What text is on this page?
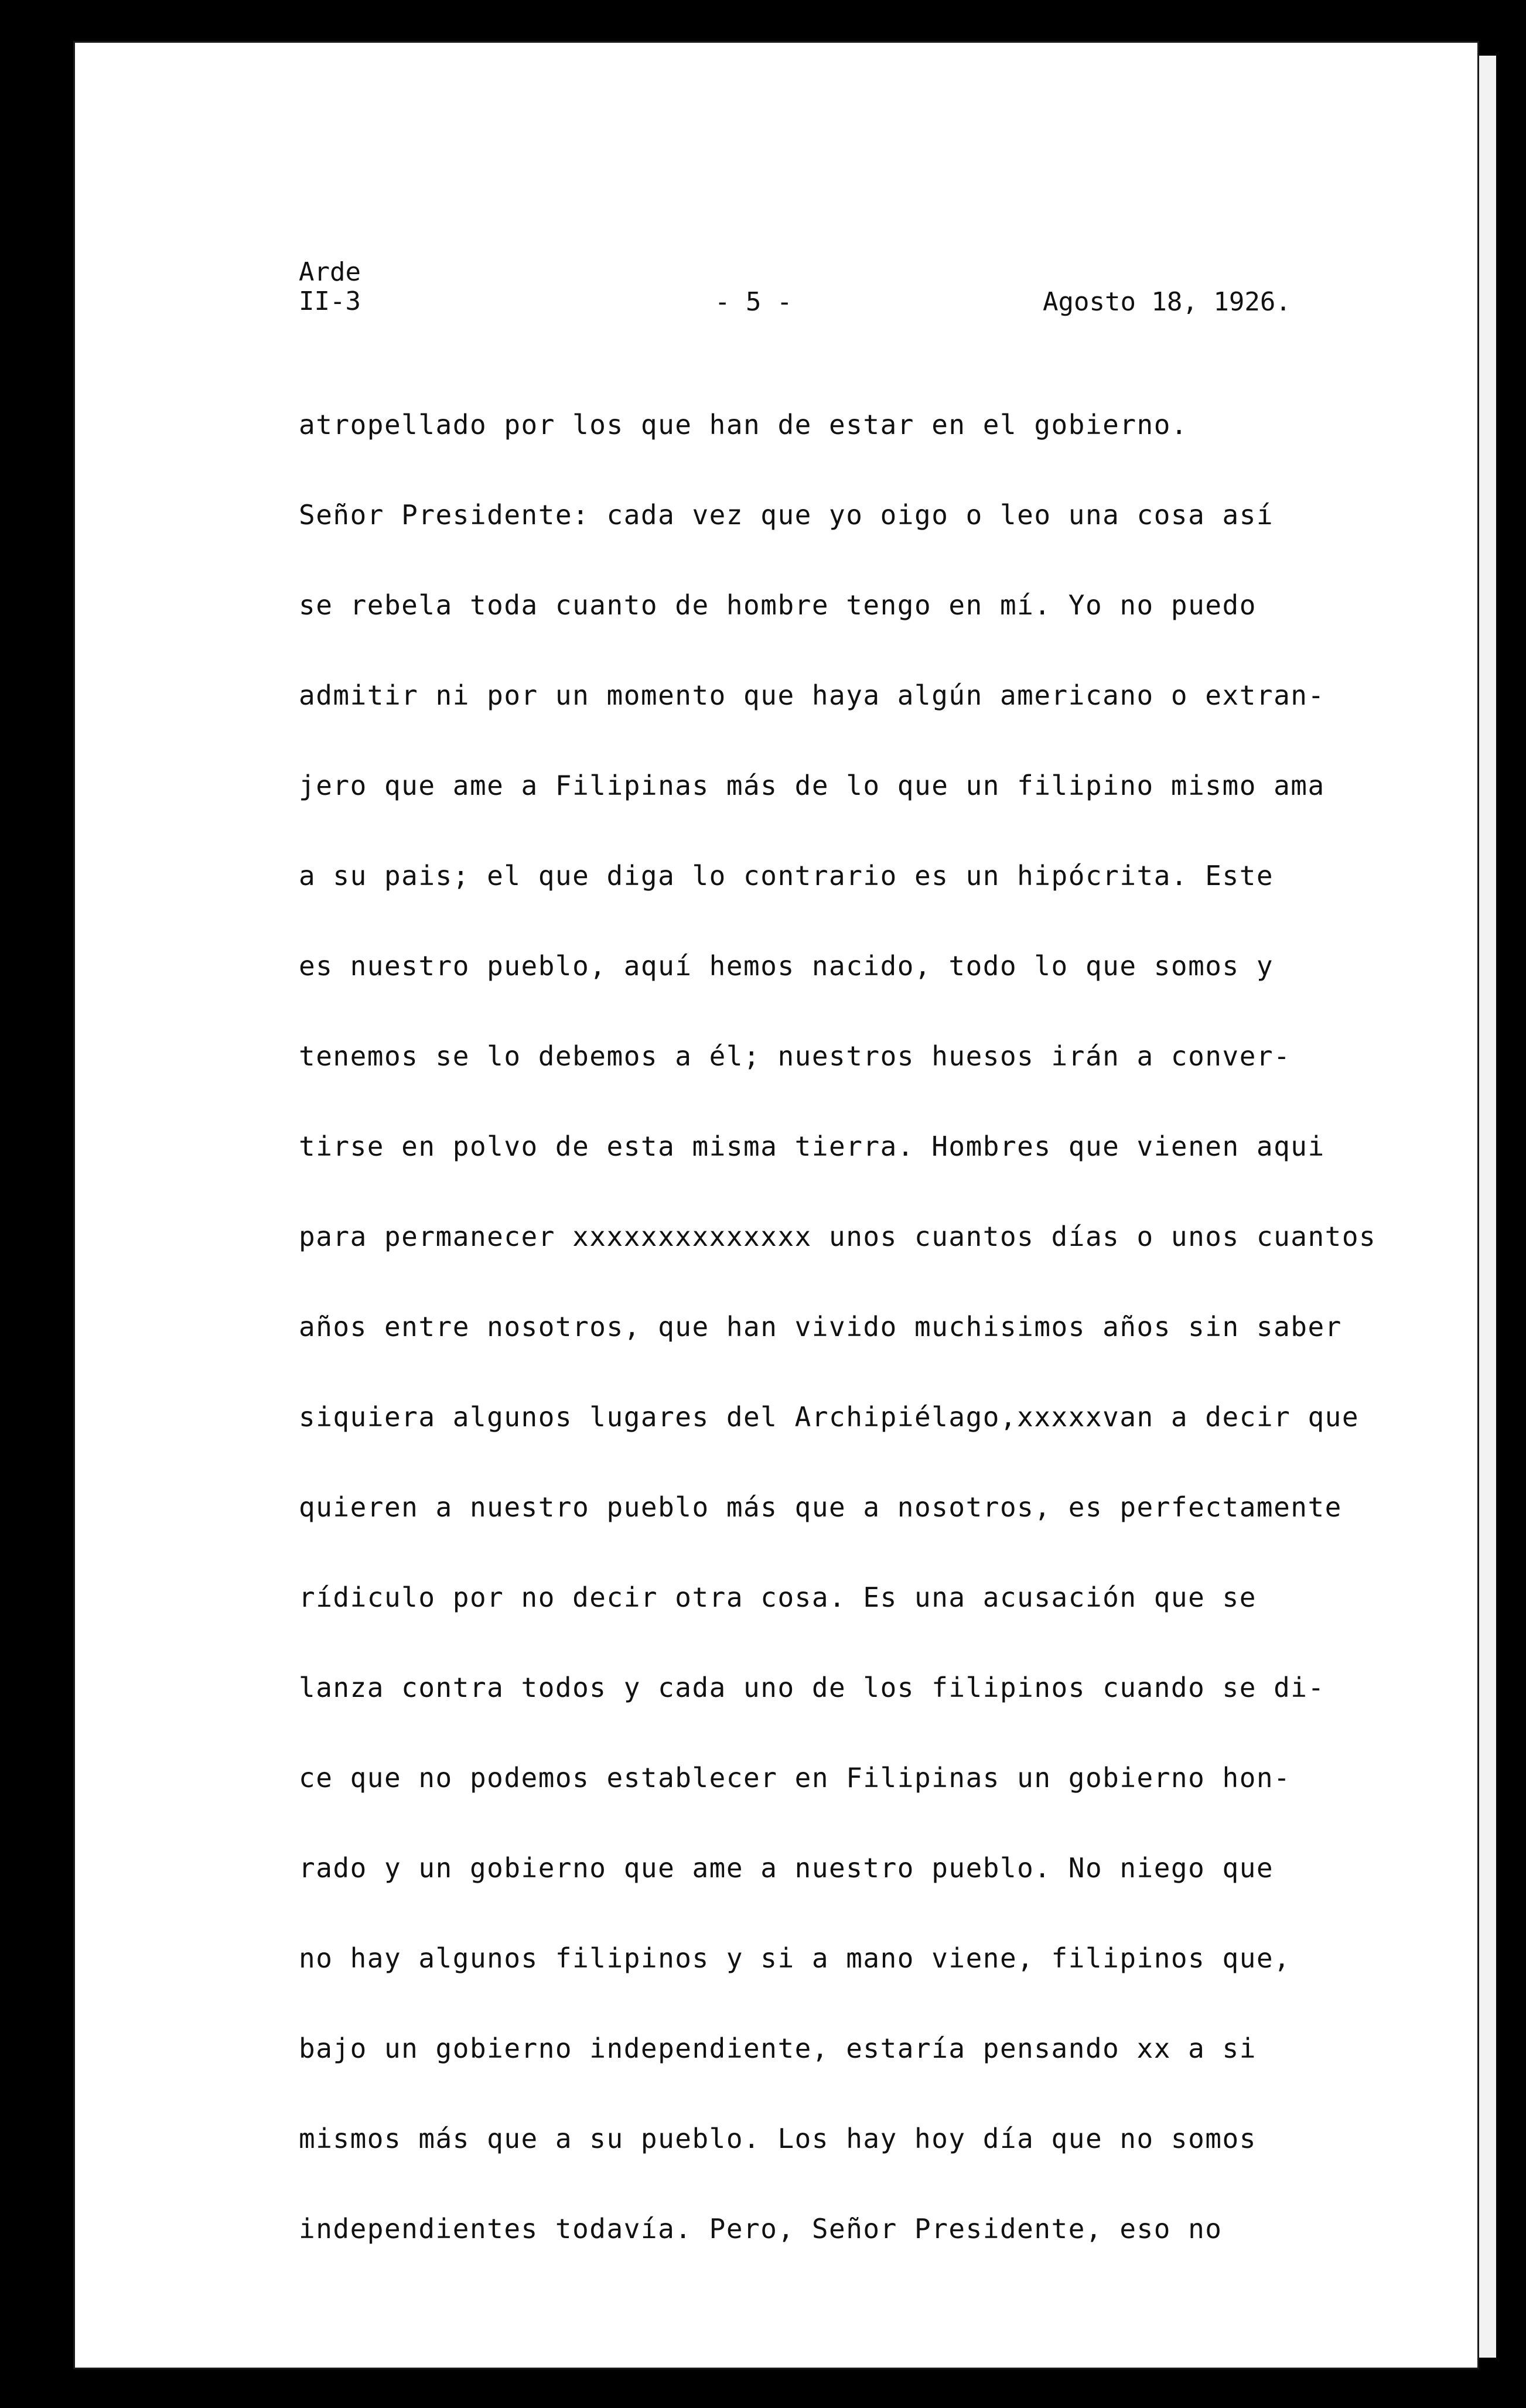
Arde
II-3	- 5 -	Agosto 18, 1926.
atropellado por los que han de estar en el gobierno.
Señor Presidente: cada vez que yo oigo o leo una cosa así
se rebela toda cuanto de hombre tengo en mí. Yo no puedo
admitir ni por un momento que haya algún americano o extran-
jero que ame a Filipinas más de lo que un filipino mismo ama
a su pais; el que diga lo contrario es un hipócrita. Este
es nuestro pueblo, aquí hemos nacido, todo lo que somos y
tenemos se lo debemos a él; nuestros huesos irán a conver-
tirse en polvo de esta misma tierra. Hombres que vienen aqui
para permanecer xxxxxxxxxxxxxx unos cuantos días o unos cuantos
años entre nosotros, que han vivido muchisimos años sin saber
siquiera algunos lugares del Archipiélago,xxxxxvan a decir que
quieren a nuestro pueblo más que a nosotros, es perfectamente
rídiculo por no decir otra cosa. Es una acusación que se
lanza contra todos y cada uno de los filipinos cuando se di-
ce que no podemos establecer en Filipinas un gobierno hon-
rado y un gobierno que ame a nuestro pueblo. No niego que
no hay algunos filipinos y si a mano viene, filipinos que,
bajo un gobierno independiente, estaría pensando xx a si
mismos más que a su pueblo. Los hay hoy día que no somos
independientes todavía. Pero, Señor Presidente, eso no
